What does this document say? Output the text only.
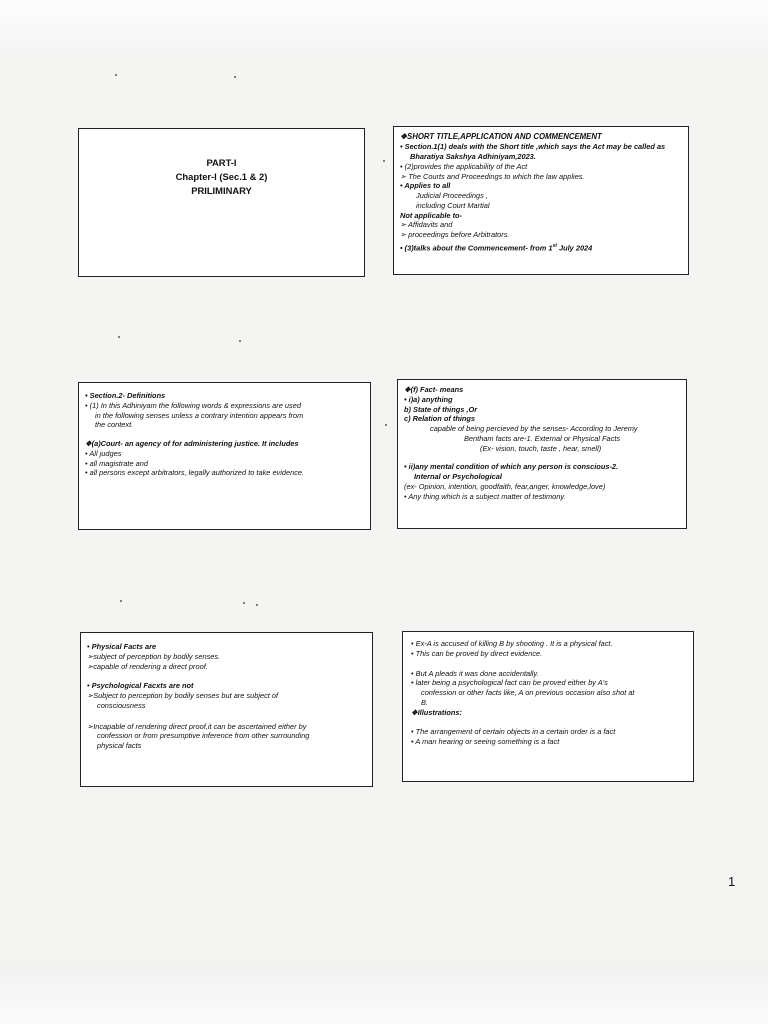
PART-I
Chapter-I (Sec.1 & 2)
PRILIMINARY
❖SHORT TITLE,APPLICATION AND COMMENCEMENT
• Section.1(1) deals with the Short title ,which says the Act may be called as
Bharatiya Sakshya Adhiniyam,2023.
• (2)provides the applicability of the Act
➢ The Courts and Proceedings to which the law applies.
• Applies to all
Judicial Proceedings ,
including Court Martial
Not applicable to-
➢ Affidavits and
➢ proceedings before Arbitrators.
• (3)talks about the Commencement- from 1st July 2024
• Section.2- Definitions
• (1) In this Adhiniyam the following words & expressions are used
in the following senses unless a contrary intention appears from
the context.
❖(a)Court- an agency of for administering justice. It includes
• All judges
• all magistrate and
• all persons except arbitrators, legally authorized to take evidence.
❖(f) Fact- means
• i)a) anything
b) State of things ,Or
c) Relation of things
capable of being percieved by the senses- According to Jeremy
Bentham facts are-1. External or Physical Facts
(Ex- vision, touch, taste , hear, smell)
• ii)any mental condition of which any person is conscious-2.
Internal or Psychological
(ex- Opinion, intention, goodfaith, fear,anger, knowledge,love)
• Any thing which is a subject matter of testimony.
• Physical Facts are
➢subject of perception by bodily senses.
➢capable of rendering a direct proof.
• Psychological Facxts are not
➢Subject to perception by bodily senses but are subject of
consciousness
➢Incapable of rendering direct proof,it can be ascertained either by
confession or from presumptive inference from other surrounding
physical facts
• Ex-A is accused of killing B by shooting . It is a physical fact.
• This can be proved by direct evidence.
• But A pleads it was done accidentally.
• later being a psychological fact can be proved either by A's
confession or other facts like, A on previous occasion also shot at
B.
❖Illustrations:
• The arrangement of certain objects in a certain order is a fact
• A man hearing or seeing something is a fact
1
